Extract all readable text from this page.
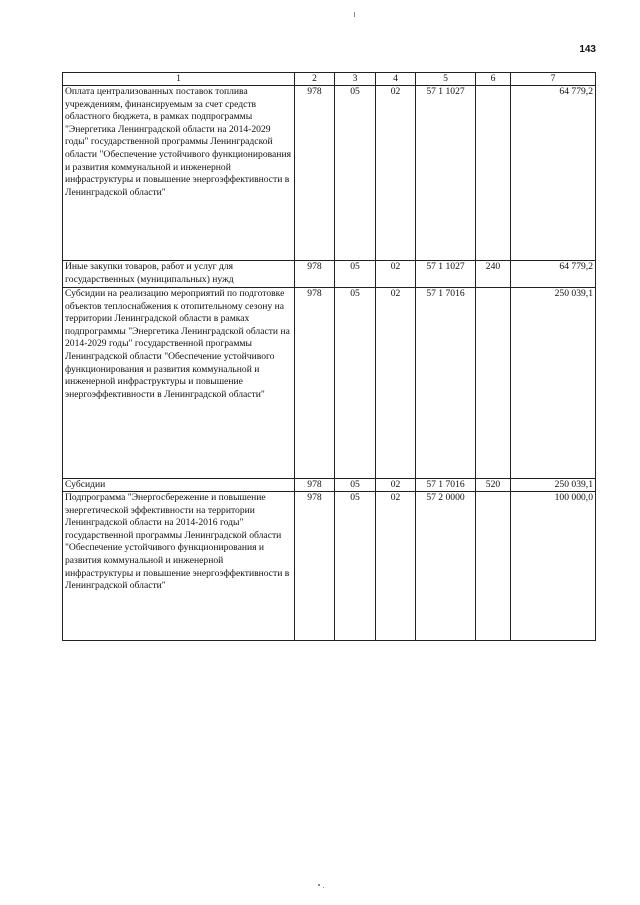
143
1	2	3	4	5	6	7
Оплата централизованных поставок топлива учреждениям, финансируемым за счет средств областного бюджета, в рамках подпрограммы "Энергетика Ленинградской области на 2014-2029 годы" государственной программы Ленинградской области "Обеспечение устойчивого функционирования и развития коммунальной и инженерной инфраструктуры и повышение энергоэффективности в Ленинградской области"	978	05	02	57 1 1027		64 779,2
Иные закупки товаров, работ и услуг для государственных (муниципальных) нужд	978	05	02	57 1 1027	240	64 779,2
Субсидии на реализацию мероприятий по подготовке объектов теплоснабжения к отопительному сезону на территории Ленинградской области в рамках подпрограммы "Энергетика Ленинградской области на 2014-2029 годы" государственной программы Ленинградской области "Обеспечение устойчивого функционирования и развития коммунальной и инженерной инфраструктуры и повышение энергоэффективности в Ленинградской области"	978	05	02	57 1 7016		250 039,1
Субсидии	978	05	02	57 1 7016	520	250 039,1
Подпрограмма "Энергосбережение и повышение энергетической эффективности на территории Ленинградской области на 2014-2016 годы" государственной программы Ленинградской области "Обеспечение устойчивого функционирования и развития коммунальной и инженерной инфраструктуры и повышение энергоэффективности в Ленинградской области"	978	05	02	57 2 0000		100 000,0
